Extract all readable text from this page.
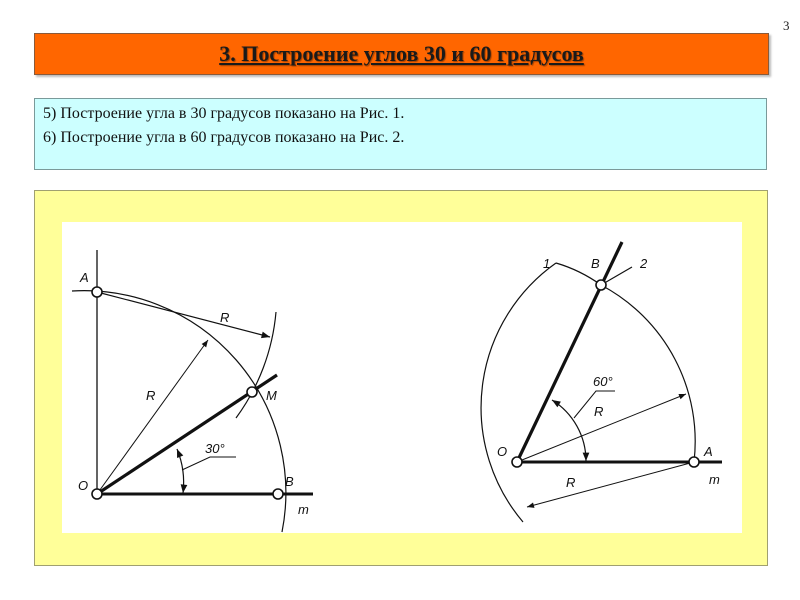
3
3. Построение углов 30 и 60 градусов

5) Построение угла в 30 градусов показано на Рис. 1.

6) Построение угла в 60 градусов показано на Рис. 2.

A
O	B
M
m
R
R
30°
1	B	2
O	A
m
R
R
60°
